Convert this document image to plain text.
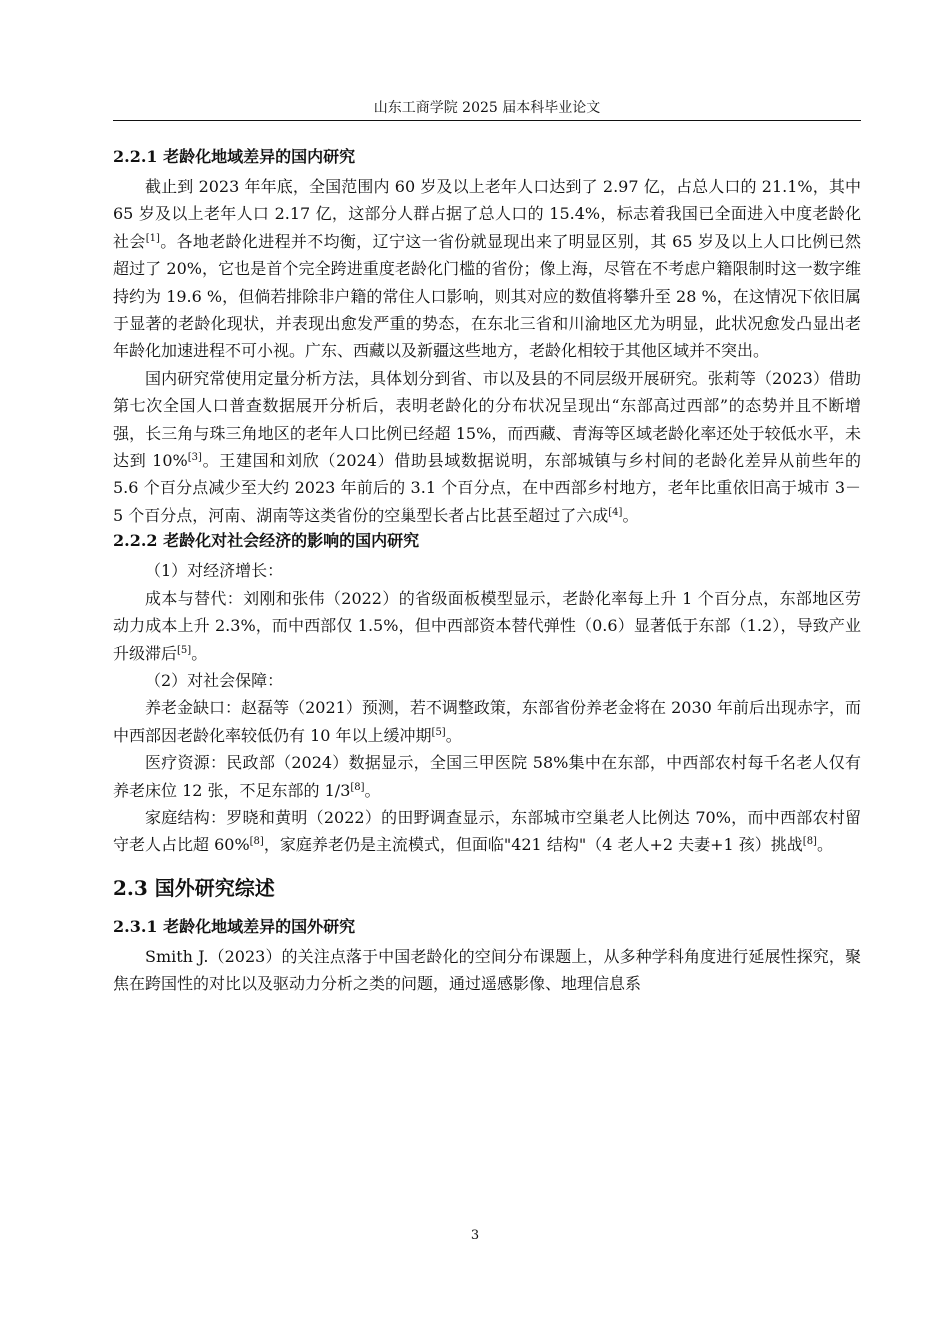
山东工商学院 2025 届本科毕业论文
2.2.1 老龄化地域差异的国内研究

截止到 2023 年年底，全国范围内 60 岁及以上老年人口达到了 2.97 亿，占总人口的 21.1%，其中 65 岁及以上老年人口 2.17 亿，这部分人群占据了总人口的 15.4%，标志着我国已全面进入中度老龄化社会[1]。各地老龄化进程并不均衡，辽宁这一省份就显现出来了明显区别，其 65 岁及以上人口比例已然超过了 20%，它也是首个完全跨进重度老龄化门槛的省份；像上海，尽管在不考虑户籍限制时这一数字维持约为 19.6 %，但倘若排除非户籍的常住人口影响，则其对应的数值将攀升至 28 %，在这情况下依旧属于显著的老龄化现状，并表现出愈发严重的势态，在东北三省和川渝地区尤为明显，此状况愈发凸显出老年龄化加速进程不可小视。广东、西藏以及新疆这些地方，老龄化相较于其他区域并不突出。

国内研究常使用定量分析方法，具体划分到省、市以及县的不同层级开展研究。张莉等（2023）借助第七次全国人口普查数据展开分析后，表明老龄化的分布状况呈现出“东部高过西部”的态势并且不断增强，长三角与珠三角地区的老年人口比例已经超 15%，而西藏、青海等区域老龄化率还处于较低水平，未达到 10%[3]。王建国和刘欣（2024）借助县域数据说明，东部城镇与乡村间的老龄化差异从前些年的 5.6 个百分点减少至大约 2023 年前后的 3.1 个百分点，在中西部乡村地方，老年比重依旧高于城市 3－5 个百分点，河南、湖南等这类省份的空巢型长者占比甚至超过了六成[4]。

2.2.2 老龄化对社会经济的影响的国内研究

（1）对经济增长：

成本与替代：刘刚和张伟（2022）的省级面板模型显示，老龄化率每上升 1 个百分点，东部地区劳动力成本上升 2.3%，而中西部仅 1.5%，但中西部资本替代弹性（0.6）显著低于东部（1.2），导致产业升级滞后[5]。

（2）对社会保障：

养老金缺口：赵磊等（2021）预测，若不调整政策，东部省份养老金将在 2030 年前后出现赤字，而中西部因老龄化率较低仍有 10 年以上缓冲期[5]。

医疗资源：民政部（2024）数据显示，全国三甲医院 58%集中在东部，中西部农村每千名老人仅有养老床位 12 张，不足东部的 1/3[8]。

家庭结构：罗晓和黄明（2022）的田野调查显示，东部城市空巢老人比例达 70%，而中西部农村留守老人占比超 60%[8]，家庭养老仍是主流模式，但面临"421 结构"（4 老人+2 夫妻+1 孩）挑战[8]。

2.3 国外研究综述
2.3.1 老龄化地域差异的国外研究

Smith J.（2023）的关注点落于中国老龄化的空间分布课题上，从多种学科角度进行延展性探究，聚焦在跨国性的对比以及驱动力分析之类的问题，通过遥感影像、地理信息系

3
